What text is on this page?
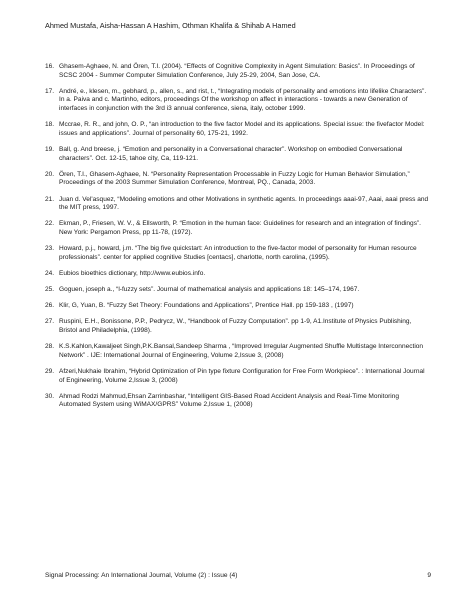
Ahmed Mustafa, Aisha-Hassan A Hashim, Othman Khalifa & Shihab A Hamed
16. Ghasem-Aghaee, N. and Ören, T.I. (2004). “Effects of Cognitive Complexity in Agent Simulation: Basics”. In Proceedings of SCSC 2004 - Summer Computer Simulation Conference, July 25-29, 2004, San Jose, CA.
17. André, e., klesen, m., gebhard, p., allen, s., and rist, t., “Integrating models of personality and emotions into lifelike Characters”. In a. Paiva and c. Martinho, editors, proceedings Of the workshop on affect in interactions - towards a new Generation of interfaces in conjunction with the 3rd i3 annual conference, siena, italy, october 1999.
18. Mccrae, R. R., and john, O. P., “an introduction to the five factor Model and its applications. Special issue: the fivefactor Model: issues and applications”. Journal of personality 60, 175-21, 1992.
19. Ball, g. And breese, j. “Emotion and personality in a Conversational character”. Workshop on embodied Conversational characters”. Oct. 12-15, tahoe city, Ca, 119-121.
20. Ören, T.I., Ghasem-Aghaee, N. “Personality Representation Processable in Fuzzy Logic for Human Behavior Simulation,” Proceedings of the 2003 Summer Simulation Conference, Montreal, PQ., Canada, 2003.
21. Juan d. Vel'asquez, “Modeling emotions and other Motivations in synthetic agents. In proceedings aaai-97, Aaai, aaai press and the MIT press, 1997.
22. Ekman, P., Friesen, W. V., & Ellsworth, P. “Emotion in the human face: Guidelines for research and an integration of findings”. New York: Pergamon Press, pp 11-78, (1972).
23. Howard, p.j., howard, j.m. “The big five quickstart: An introduction to the five-factor model of personality for Human resource professionals”. center for applied cognitive Studies [centacs], charlotte, north carolina, (1995).
24. Eubios bioethics dictionary, http://www.eubios.info.
25. Goguen, joseph a., “l-fuzzy sets”. Journal of mathematical analysis and applications 18: 145–174, 1967.
26. Klir, G, Yuan, B. “Fuzzy Set Theory: Foundations and Applications”, Prentice Hall. pp 159-183 , (1997)
27. Ruspini, E.H., Bonissone, P.P., Pedrycz, W., “Handbook of Fuzzy Computation”. pp 1-9, A1.Institute of Physics Publishing, Bristol and Philadelphia, (1998).
28. K.S.Kahlon,Kawaljeet Singh,P.K.Bansal,Sandeep Sharma , “Improved Irregular Augmented Shuffle Multistage Interconnection Network” . IJE: International Journal of Engineering, Volume 2,Issue 3, (2008)
29. Afzeri,Nukhaie Ibrahim, “Hybrid Optimization of Pin type fixture Configuration for Free Form Workpiece”. : International Journal of Engineering, Volume 2,Issue 3, (2008)
30. Ahmad Rodzi Mahmud,Ehsan Zarrinbashar, “Intelligent GIS-Based Road Accident Analysis and Real-Time Monitoring Automated System using WiMAX/GPRS” Volume 2,Issue 1, (2008)
Signal Processing: An International Journal, Volume (2) : Issue (4)	9
